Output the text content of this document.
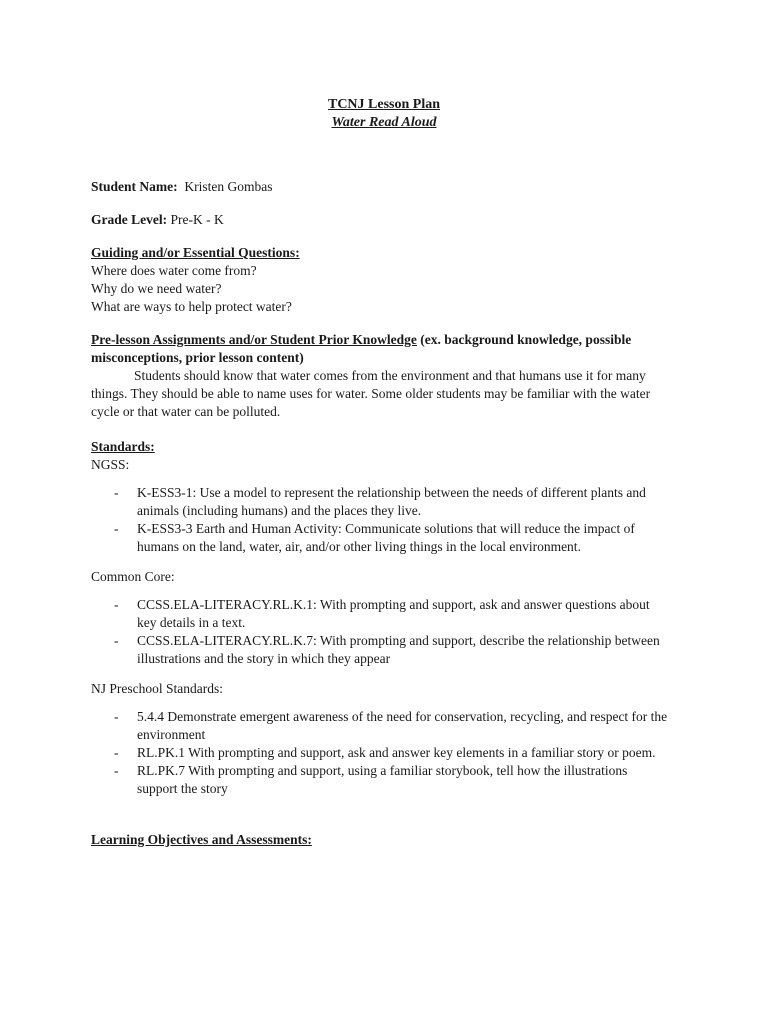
TCNJ Lesson Plan
Water Read Aloud

Student Name: Kristen Gombas

Grade Level: Pre-K - K

Guiding and/or Essential Questions:
Where does water come from?
Why do we need water?
What are ways to help protect water?

Pre-lesson Assignments and/or Student Prior Knowledge (ex. background knowledge, possible misconceptions, prior lesson content)

Students should know that water comes from the environment and that humans use it for many things. They should be able to name uses for water. Some older students may be familiar with the water cycle or that water can be polluted.

Standards:

NGSS:

- K-ESS3-1: Use a model to represent the relationship between the needs of different plants and animals (including humans) and the places they live.
- K-ESS3-3 Earth and Human Activity: Communicate solutions that will reduce the impact of humans on the land, water, air, and/or other living things in the local environment.

Common Core:

- CCSS.ELA-LITERACY.RL.K.1: With prompting and support, ask and answer questions about key details in a text.
- CCSS.ELA-LITERACY.RL.K.7: With prompting and support, describe the relationship between illustrations and the story in which they appear

NJ Preschool Standards:

- 5.4.4 Demonstrate emergent awareness of the need for conservation, recycling, and respect for the environment
- RL.PK.1 With prompting and support, ask and answer key elements in a familiar story or poem.
- RL.PK.7 With prompting and support, using a familiar storybook, tell how the illustrations support the story
Learning Objectives and Assessments:
